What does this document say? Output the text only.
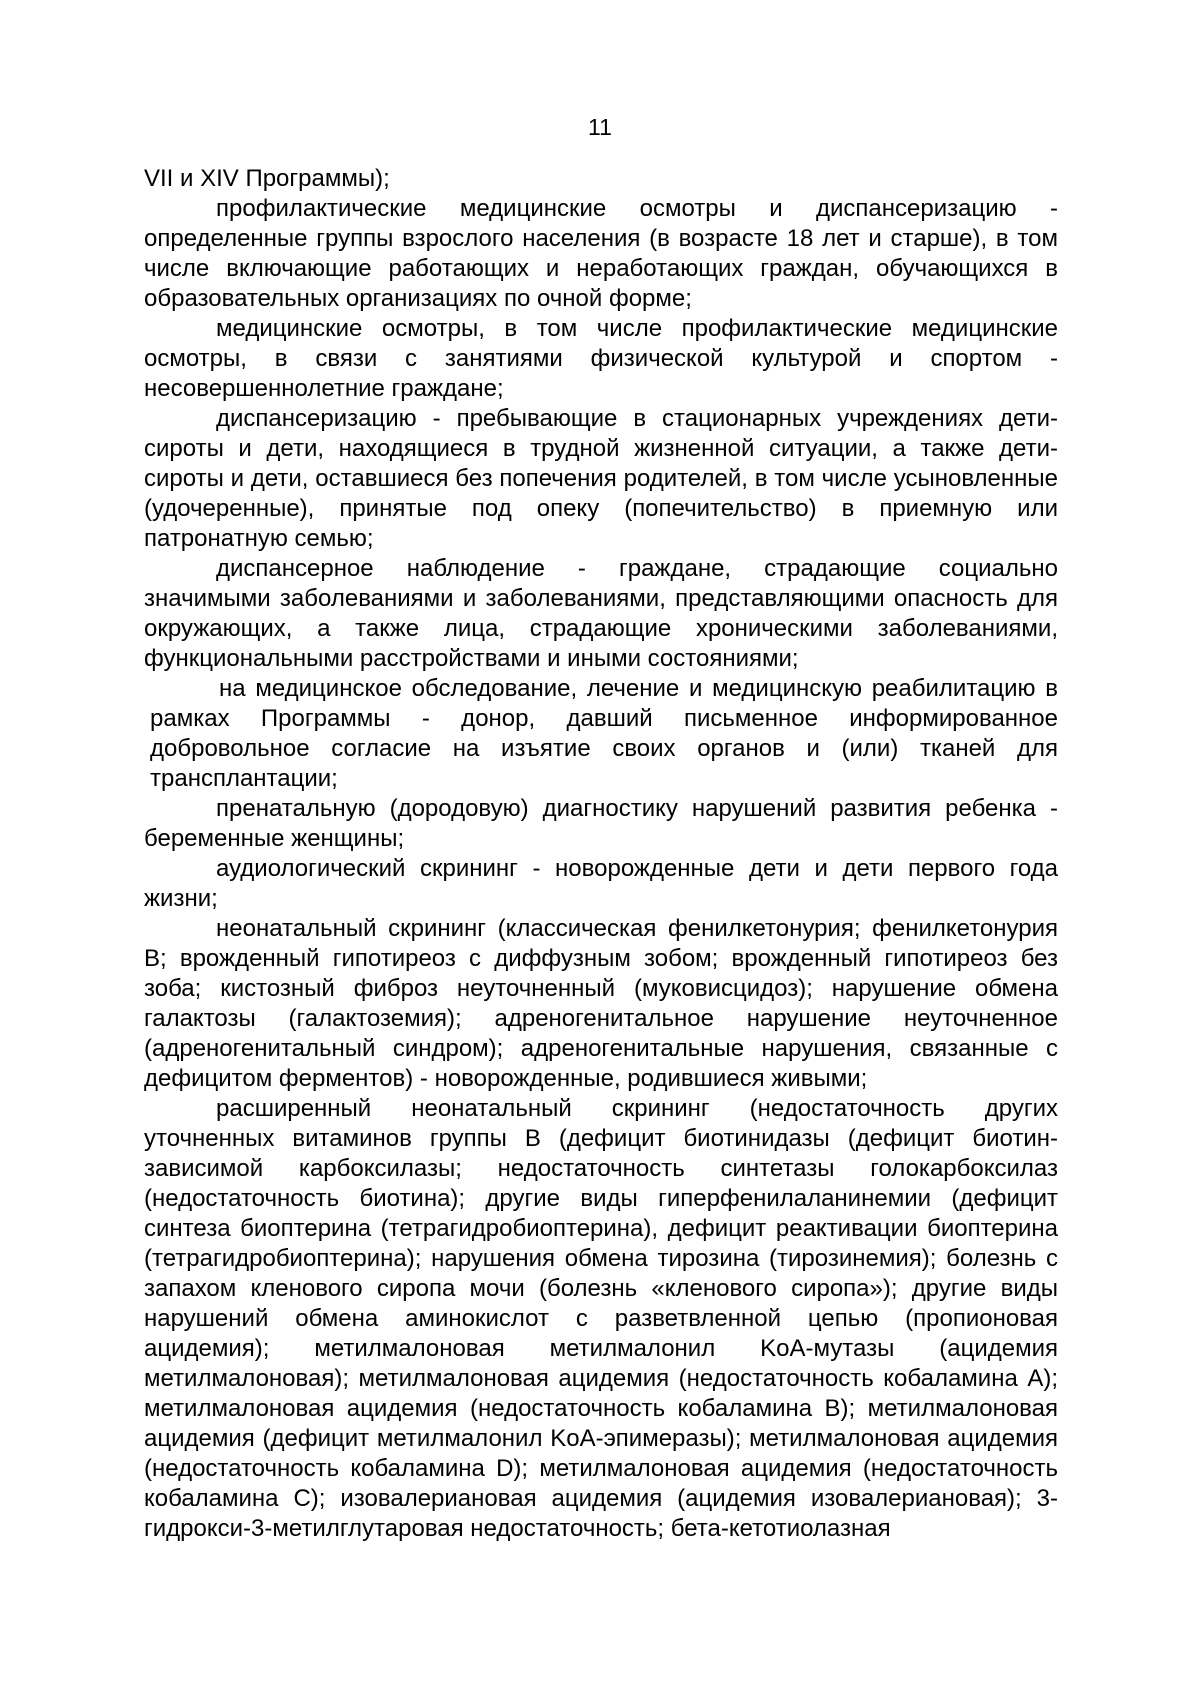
11

VII и XIV Программы);

профилактические медицинские осмотры и диспансеризацию - определенные группы взрослого населения (в возрасте 18 лет и старше), в том числе включающие работающих и неработающих граждан, обучающихся в образовательных организациях по очной форме;

медицинские осмотры, в том числе профилактические медицинские осмотры, в связи с занятиями физической культурой и спортом - несовершеннолетние граждане;

диспансеризацию - пребывающие в стационарных учреждениях дети-сироты и дети, находящиеся в трудной жизненной ситуации, а также дети-сироты и дети, оставшиеся без попечения родителей, в том числе усыновленные (удочеренные), принятые под опеку (попечительство) в приемную или патронатную семью;

диспансерное наблюдение - граждане, страдающие социально значимыми заболеваниями и заболеваниями, представляющими опасность для окружающих, а также лица, страдающие хроническими заболеваниями, функциональными расстройствами и иными состояниями;

на медицинское обследование, лечение и медицинскую реабилитацию в рамках Программы - донор, давший письменное информированное добровольное согласие на изъятие своих органов и (или) тканей для трансплантации;

пренатальную (дородовую) диагностику нарушений развития ребенка - беременные женщины;

аудиологический скрининг - новорожденные дети и дети первого года жизни;

неонатальный скрининг (классическая фенилкетонурия; фенилкетонурия B; врожденный гипотиреоз с диффузным зобом; врожденный гипотиреоз без зоба; кистозный фиброз неуточненный (муковисцидоз); нарушение обмена галактозы (галактоземия); адреногенитальное нарушение неуточненное (адреногенитальный синдром); адреногенитальные нарушения, связанные с дефицитом ферментов) - новорожденные, родившиеся живыми;

расширенный неонатальный скрининг (недостаточность других уточненных витаминов группы В (дефицит биотинидазы (дефицит биотин-зависимой карбоксилазы; недостаточность синтетазы голокарбоксилаз (недостаточность биотина); другие виды гиперфенилаланинемии (дефицит синтеза биоптерина (тетрагидробиоптерина), дефицит реактивации биоптерина (тетрагидробиоптерина); нарушения обмена тирозина (тирозинемия); болезнь с запахом кленового сиропа мочи (болезнь «кленового сиропа»); другие виды нарушений обмена аминокислот с разветвленной цепью (пропионовая ацидемия); метилмалоновая метилмалонил KoA-мутазы (ацидемия метилмалоновая); метилмалоновая ацидемия (недостаточность кобаламина A); метилмалоновая ацидемия (недостаточность кобаламина B); метилмалоновая ацидемия (дефицит метилмалонил KoA-эпимеразы); метилмалоновая ацидемия (недостаточность кобаламина D); метилмалоновая ацидемия (недостаточность кобаламина C); изовалериановая ацидемия (ацидемия изовалериановая); 3-гидрокси-3-метилглутаровая недостаточность; бета-кетотиолазная
